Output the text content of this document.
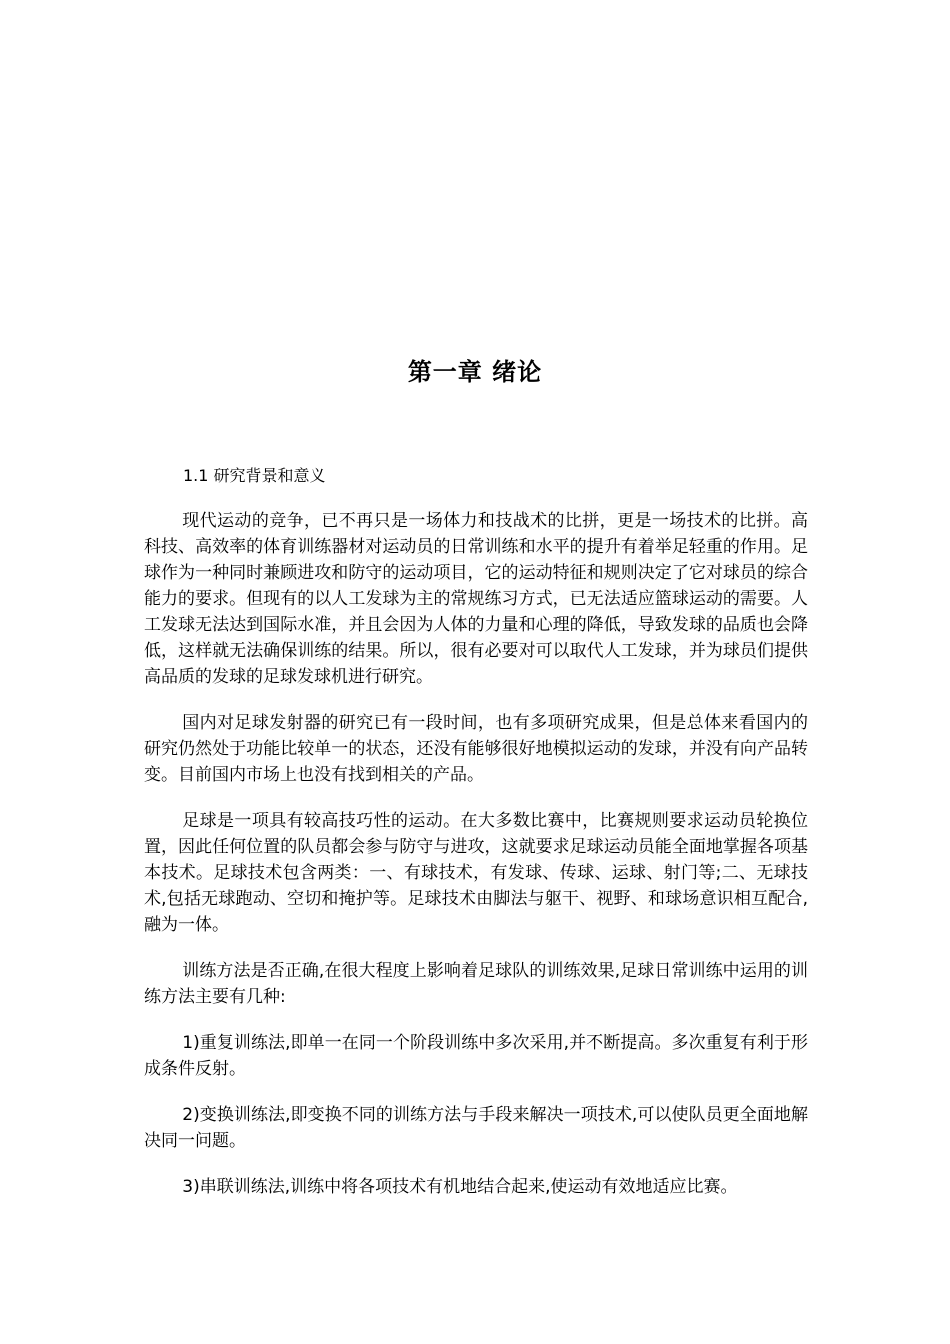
第一章 绪论
1.1 研究背景和意义

现代运动的竞争，已不再只是一场体力和技战术的比拼，更是一场技术的比拼。高科技、高效率的体育训练器材对运动员的日常训练和水平的提升有着举足轻重的作用。足球作为一种同时兼顾进攻和防守的运动项目，它的运动特征和规则决定了它对球员的综合能力的要求。但现有的以人工发球为主的常规练习方式，已无法适应篮球运动的需要。人工发球无法达到国际水准，并且会因为人体的力量和心理的降低，导致发球的品质也会降低，这样就无法确保训练的结果。所以，很有必要对可以取代人工发球，并为球员们提供高品质的发球的足球发球机进行研究。

国内对足球发射器的研究已有一段时间，也有多项研究成果，但是总体来看国内的研究仍然处于功能比较单一的状态，还没有能够很好地模拟运动的发球，并没有向产品转变。目前国内市场上也没有找到相关的产品。

足球是一项具有较高技巧性的运动。在大多数比赛中，比赛规则要求运动员轮换位置，因此任何位置的队员都会参与防守与进攻，这就要求足球运动员能全面地掌握各项基本技术。足球技术包含两类：一、有球技术，有发球、传球、运球、射门等;二、无球技术,包括无球跑动、空切和掩护等。足球技术由脚法与躯干、视野、和球场意识相互配合,融为一体。

训练方法是否正确,在很大程度上影响着足球队的训练效果,足球日常训练中运用的训练方法主要有几种:

1)重复训练法,即单一在同一个阶段训练中多次采用,并不断提高。多次重复有利于形成条件反射。

2)变换训练法,即变换不同的训练方法与手段来解决一项技术,可以使队员更全面地解决同一问题。

3)串联训练法,训练中将各项技术有机地结合起来,使运动有效地适应比赛。
